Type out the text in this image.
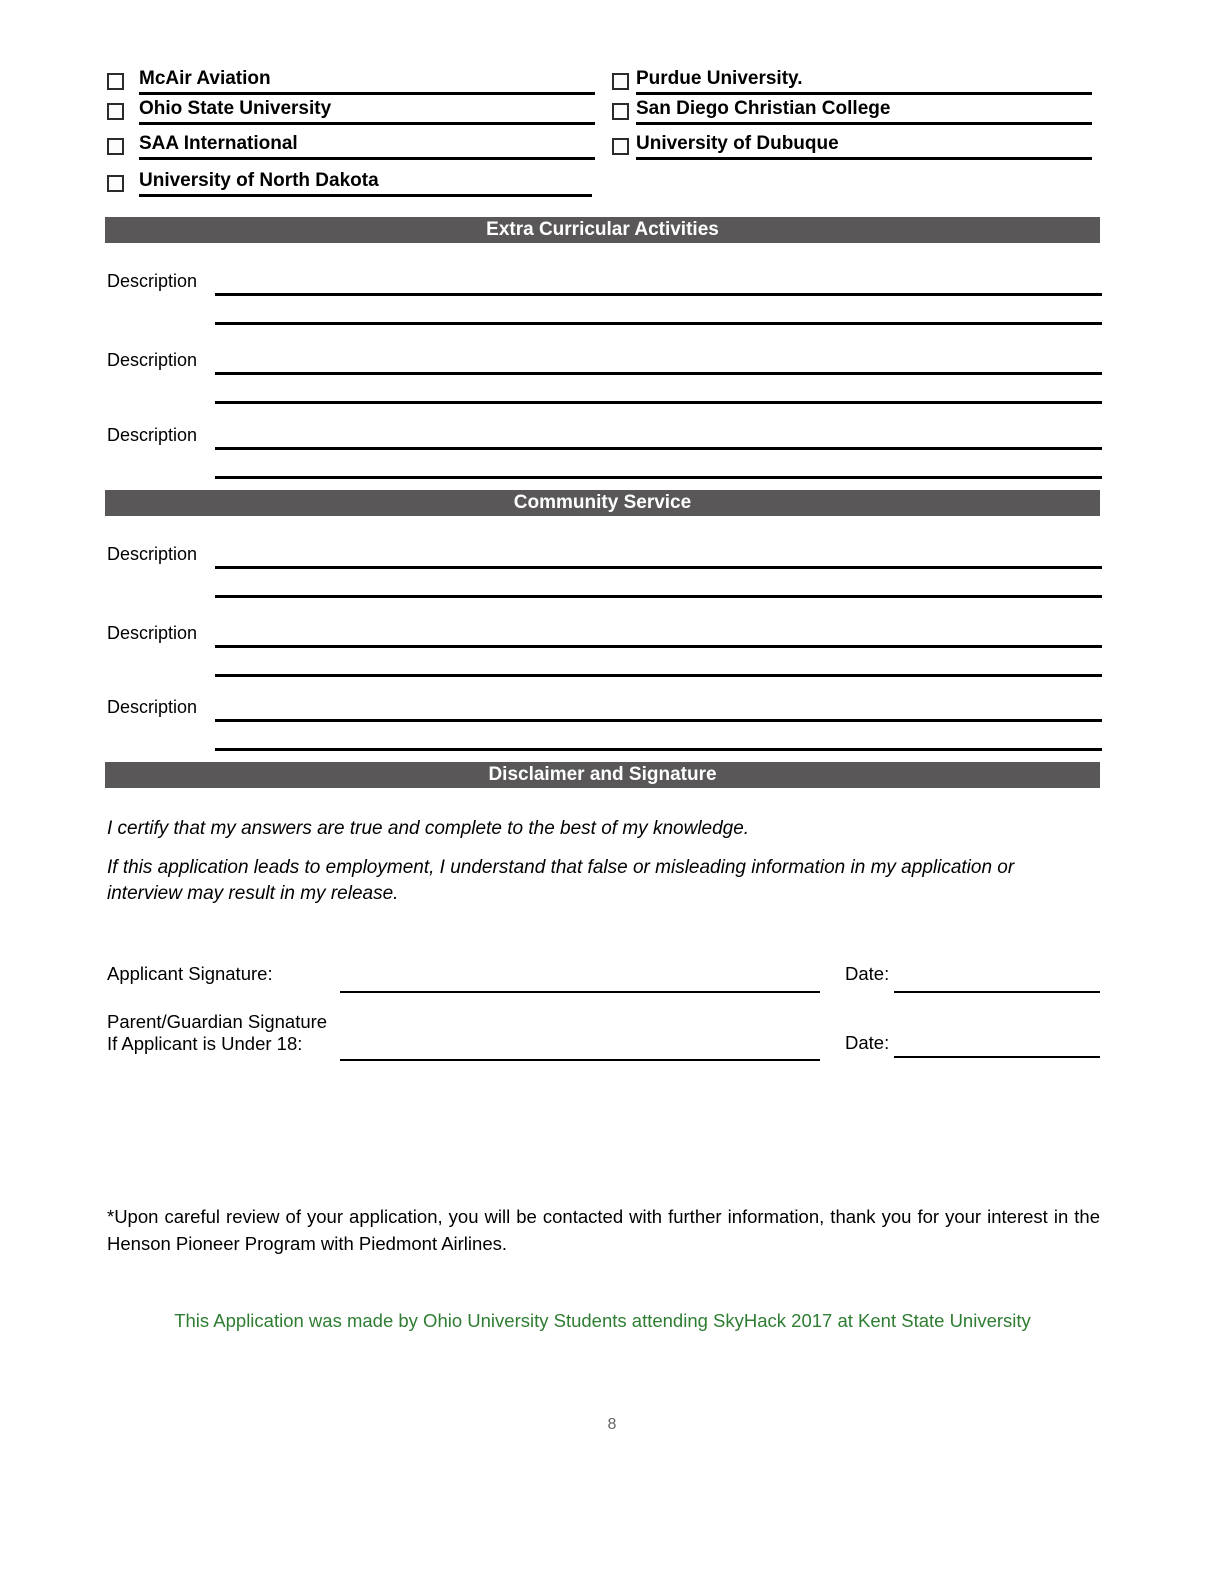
McAir Aviation	Purdue University.
Ohio State University	San Diego Christian College
SAA International	University of Dubuque
University of North Dakota
Extra Curricular Activities
Description
Description
Description
Community Service
Description
Description
Description
Disclaimer and Signature
I certify that my answers are true and complete to the best of my knowledge.
If this application leads to employment, I understand that false or misleading information in my application or interview may result in my release.
Applicant Signature:	Date:
Parent/Guardian Signature
If Applicant is Under 18:	Date:
*Upon careful review of your application, you will be contacted with further information, thank you for your interest in the Henson Pioneer Program with Piedmont Airlines.
This Application was made by Ohio University Students attending SkyHack 2017 at Kent State University
8
